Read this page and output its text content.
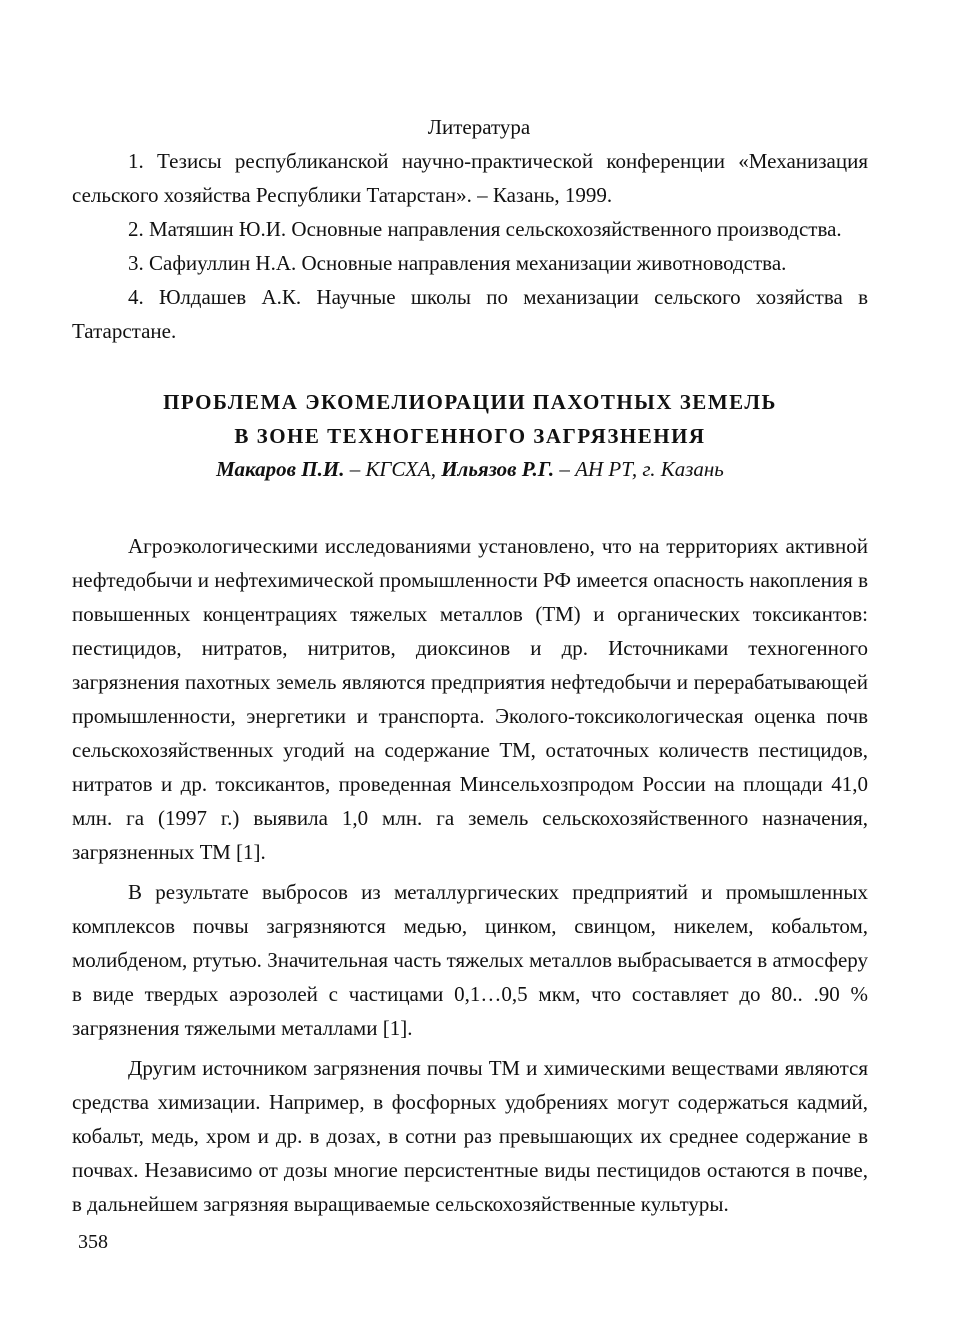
Литература
1. Тезисы республиканской научно-практической конференции «Механизация сельского хозяйства Республики Татарстан». – Казань, 1999.
2. Матяшин Ю.И. Основные направления сельскохозяйственного производства.
3. Сафиуллин Н.А. Основные направления механизации животноводства.
4. Юлдашев А.К. Научные школы по механизации сельского хозяйства в Татарстане.
ПРОБЛЕМА ЭКОМЕЛИОРАЦИИ ПАХОТНЫХ ЗЕМЕЛЬ
В ЗОНЕ ТЕХНОГЕННОГО ЗАГРЯЗНЕНИЯ
Макаров П.И. – КГСХА, Ильязов Р.Г. – АН РТ, г. Казань

Агроэкологическими исследованиями установлено, что на территориях активной нефтедобычи и нефтехимической промышленности РФ имеется опасность накопления в повышенных концентрациях тяжелых металлов (ТМ) и органических токсикантов: пестицидов, нитратов, нитритов, диоксинов и др. Источниками техногенного загрязнения пахотных земель являются предприятия нефтедобычи и перерабатывающей промышленности, энергетики и транспорта. Эколого-токсикологическая оценка почв сельскохозяйственных угодий на содержание ТМ, остаточных количеств пестицидов, нитратов и др. токсикантов, проведенная Минсельхозпродом России на площади 41,0 млн. га (1997 г.) выявила 1,0 млн. га земель сельскохозяйственного назначения, загрязненных ТМ [1].

В результате выбросов из металлургических предприятий и промышленных комплексов почвы загрязняются медью, цинком, свинцом, никелем, кобальтом, молибденом, ртутью. Значительная часть тяжелых металлов выбрасывается в атмосферу в виде твердых аэрозолей с частицами 0,1…0,5 мкм, что составляет до 80.. .90 % загрязнения тяжелыми металлами [1].

Другим источником загрязнения почвы ТМ и химическими веществами являются средства химизации. Например, в фосфорных удобрениях могут содержаться кадмий, кобальт, медь, хром и др. в дозах, в сотни раз превышающих их среднее содержание в почвах. Независимо от дозы многие персистентные виды пестицидов остаются в почве, в дальнейшем загрязняя выращиваемые сельскохозяйственные культуры.

358
